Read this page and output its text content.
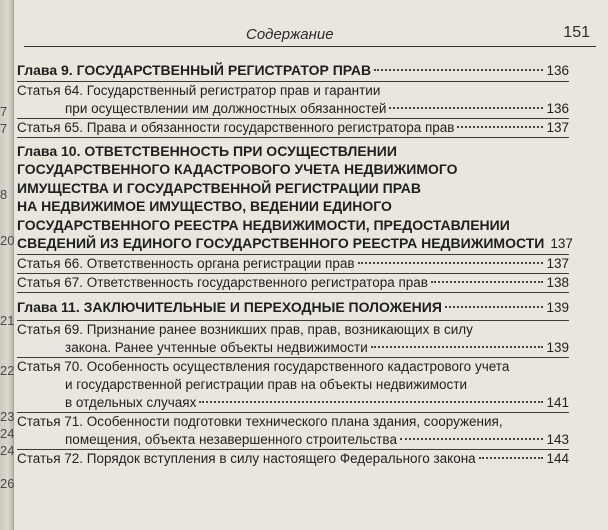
7
7
8
20
21
22
23
24
24
26
Содержание	151
Глава 9. ГОСУДАРСТВЕННЫЙ РЕГИСТРАТОР ПРАВ	136
Статья 64. Государственный регистратор прав и гарантии
при осуществлении им должностных обязанностей	136
Статья 65. Права и обязанности государственного регистратора прав	137
Глава 10. ОТВЕТСТВЕННОСТЬ ПРИ ОСУЩЕСТВЛЕНИИ
ГОСУДАРСТВЕННОГО КАДАСТРОВОГО УЧЕТА НЕДВИЖИМОГО
ИМУЩЕСТВА И ГОСУДАРСТВЕННОЙ РЕГИСТРАЦИИ ПРАВ
НА НЕДВИЖИМОЕ ИМУЩЕСТВО, ВЕДЕНИИ ЕДИНОГО
ГОСУДАРСТВЕННОГО РЕЕСТРА НЕДВИЖИМОСТИ, ПРЕДОСТАВЛЕНИИ
СВЕДЕНИЙ ИЗ ЕДИНОГО ГОСУДАРСТВЕННОГО РЕЕСТРА НЕДВИЖИМОСТИ 137
Статья 66. Ответственность органа регистрации прав	137
Статья 67. Ответственность государственного регистратора прав	138
Глава 11. ЗАКЛЮЧИТЕЛЬНЫЕ И ПЕРЕХОДНЫЕ ПОЛОЖЕНИЯ	139
Статья 69. Признание ранее возникших прав, прав, возникающих в силу
закона. Ранее учтенные объекты недвижимости	139
Статья 70. Особенность осуществления государственного кадастрового учета
и государственной регистрации прав на объекты недвижимости
в отдельных случаях	141
Статья 71. Особенности подготовки технического плана здания, сооружения,
помещения, объекта незавершенного строительства	143
Статья 72. Порядок вступления в силу настоящего Федерального закона	144
